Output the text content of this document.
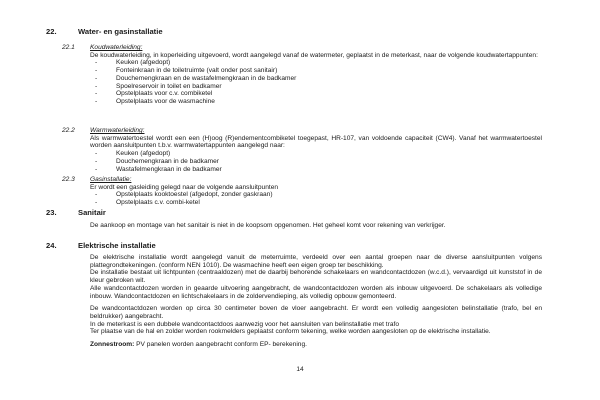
22.	Water- en gasinstallatie
22.1 Koudwaterleiding:
De koudwaterleiding, in koperleiding uitgevoerd, wordt aangelegd vanaf de watermeter, geplaatst in de meterkast, naar de volgende koudwatertappunten:
-	Keuken (afgedopt)
-	Fonteinkraan in de toiletruimte (valt onder post sanitair)
-	Douchemengkraan en de wastafelmengkraan in de badkamer
-	Spoelreservoir in toilet en badkamer
-	Opstelplaats voor c.v. combiketel
-	Opstelplaats voor de wasmachine
22.2 Warmwaterleiding:
Als warmwatertoestel wordt een een (H)oog (R)endementcombiketel toegepast, HR-107, van voldoende capaciteit (CW4). Vanaf het warmwatertoestel worden aansluitpunten t.b.v. warmwatertappunten aangelegd naar:
-	Keuken (afgedopt)
-	Douchemengkraan in de badkamer
-	Wastafelmengkraan in de badkamer
22.3 Gasinstallatie:
Er wordt een gasleiding gelegd naar de volgende aansluitpunten
-	Opstelplaats kooktoestel (afgedopt, zonder gaskraan)
-	Opstelplaats c.v. combi-ketel
23.	Sanitair
De aankoop en montage van het sanitair is niet in de koopsom opgenomen. Het geheel komt voor rekening van verkrijger.
24.	Elektrische installatie
De elektrische installatie wordt aangelegd vanuit de meterruimte, verdeeld over een aantal groepen naar de diverse aansluitpunten volgens plattegrondtekeningen. (conform NEN 1010). De wasmachine heeft een eigen groep ter beschikking.
De installatie bestaat uit lichtpunten (centraaldozen) met de daarbij behorende schakelaars en wandcontactdozen (w.c.d.), vervaardigd uit kunststof in de kleur gebroken wit.
Alle wandcontactdozen worden in geaarde uitvoering aangebracht, de wandcontactdozen worden als inbouw uitgevoerd. De schakelaars als volledige inbouw. Wandcontactdozen en lichtschakelaars in de zoldervendieping, als volledig opbouw gemonteerd.
De wandcontactdozen worden op circa 30 centimeter boven de vloer aangebracht. Er wordt een volledig aangesloten belinstallatie (trafo, bel en beldrukker) aangebracht.
In de meterkast is een dubbele wandcontactdoos aanwezig voor het aansluiten van belinstallatie met trafo
Ter plaatse van de hal en zolder worden rookmelders geplaatst conform tekening, welke worden aangesloten op de elektrische installatie.
Zonnestroom: PV panelen worden aangebracht conform EP- berekening.
14
